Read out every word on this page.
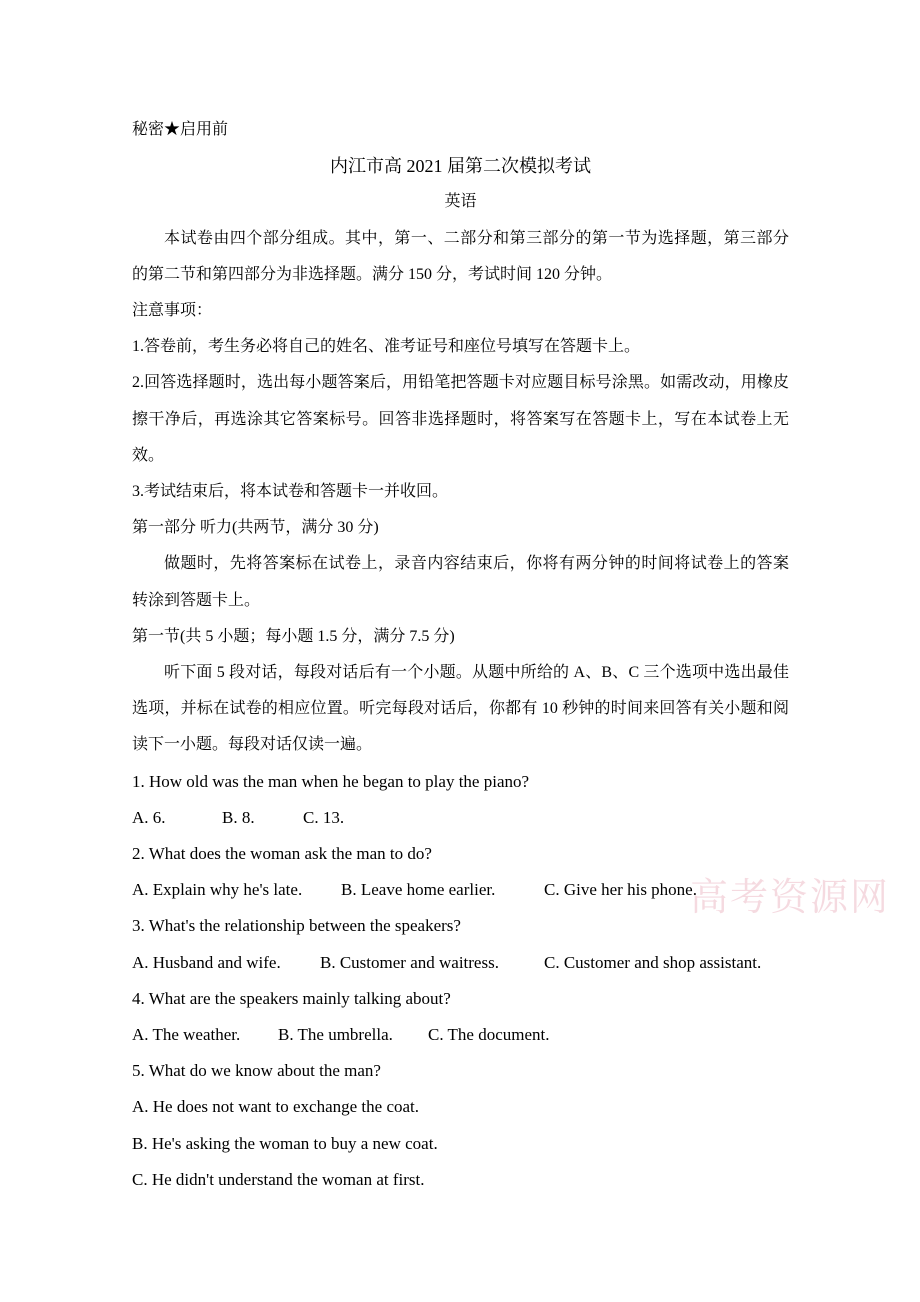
秘密★启用前
内江市高 2021 届第二次模拟考试
英语
本试卷由四个部分组成。其中，第一、二部分和第三部分的第一节为选择题，第三部分
的第二节和第四部分为非选择题。满分 150 分，考试时间 120 分钟。
注意事项：
1.答卷前，考生务必将自己的姓名、准考证号和座位号填写在答题卡上。
2.回答选择题时，选出每小题答案后，用铅笔把答题卡对应题目标号涂黑。如需改动，用橡皮
擦干净后，再选涂其它答案标号。回答非选择题时，将答案写在答题卡上，写在本试卷上无
效。
3.考试结束后，将本试卷和答题卡一并收回。
第一部分 听力(共两节，满分 30 分)
做题时，先将答案标在试卷上，录音内容结束后，你将有两分钟的时间将试卷上的答案
转涂到答题卡上。
第一节(共 5 小题；每小题 1.5 分，满分 7.5 分)
听下面 5 段对话，每段对话后有一个小题。从题中所给的 A、B、C 三个选项中选出最佳
选项，并标在试卷的相应位置。听完每段对话后，你都有 10 秒钟的时间来回答有关小题和阅
读下一小题。每段对话仅读一遍。
1. How old was the man when he began to play the piano?
A. 6.	B. 8.	C. 13.
2. What does the woman ask the man to do?
A. Explain why he's late. B. Leave home earlier.	C. Give her his phone.
3. What's the relationship between the speakers?
A. Husband and wife. B. Customer and waitress.	C. Customer and shop assistant.
4. What are the speakers mainly talking about?
A. The weather. B. The umbrella. C. The document.
5. What do we know about the man?
A. He does not want to exchange the coat.
B. He's asking the woman to buy a new coat.
C. He didn't understand the woman at first.
高考资源网
